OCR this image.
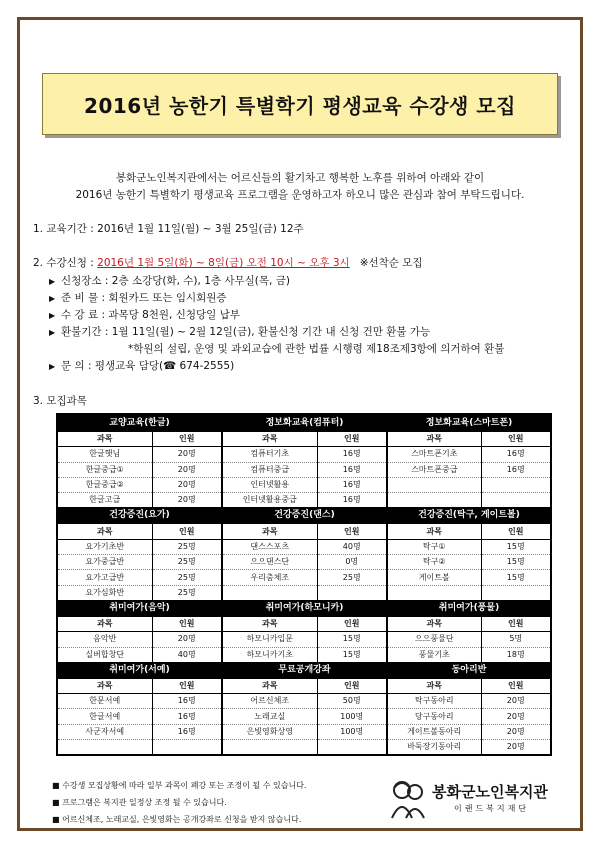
2016년 농한기 특별학기 평생교육 수강생 모집
봉화군노인복지관에서는 어르신들의 활기차고 행복한 노후를 위하여 아래와 같이
2016년 농한기 특별학기 평생교육 프로그램을 운영하고자 하오니 많은 관심과 참여 부탁드립니다.
1. 교육기간 : 2016년 1월 11일(월) ~ 3월 25일(금) 12주
2. 수강신청 : 2016년 1월 5일(화) ~ 8일(금) 오전 10시 ~ 오후 3시 ※선착순 모집
▶ 신청장소 : 2층 소강당(화, 수), 1층 사무실(목, 금)
▶ 준 비 물 : 회원카드 또는 임시회원증
▶ 수 강 료 : 과목당 8천원, 신청당일 납부
▶ 환불기간 : 1월 11일(월) ~ 2월 12일(금), 환불신청 기간 내 신청 건만 환불 가능
*학원의 설립, 운영 및 과외교습에 관한 법률 시행령 제18조제3항에 의거하여 환불
▶ 문 의 : 평생교육 담당(☎ 674-2555)
3. 모집과목
교양교육(한글)		정보화교육(컴퓨터)		정보화교육(스마트폰)	
과목	인원	과목	인원	과목	인원
한글햇님	20명	컴퓨터기초	16명	스마트폰기초	16명
한글중급①	20명	컴퓨터중급	16명	스마트폰중급	16명
한글중급②	20명	인터넷활용	16명		
한글고급	20명	인터넷활용중급	16명		
건강증진(요가)		건강증진(댄스)		건강증진(탁구, 게이트볼)	
과목	인원	과목	인원	과목	인원
요가기초반	25명	댄스스포츠	40명	탁구①	15명
요가중급반	25명	으으댄스단	0명	탁구②	15명
요가고급반	25명	우리춤체조	25명	게이트볼	15명
요가심화반	25명				
취미여가(음악)		취미여가(하모니카)		취미여가(풍물)	
과목	인원	과목	인원	과목	인원
음악반	20명	하모니카입문	15명	으으풍물단	5명
실버합창단	40명	하모니카기초	15명	풍물기초	18명
취미여가(서예)		무료공개강좌		동아리반	
과목	인원	과목	인원	과목	인원
한문서예	16명	어르신체조	50명	탁구동아리	20명
한글서예	16명	노래교실	100명	당구동아리	20명
사군자서예	16명	은빛영화상영	100명	게이트볼동아리	20명
				바둑장기동아리	20명
■ 수강생 모집상황에 따라 일부 과목이 폐강 또는 조정이 될 수 있습니다.
■ 프로그램은 복지관 일정상 조정 될 수 있습니다.
■ 어르신체조, 노래교실, 은빛영화는 공개강좌로 신청을 받지 않습니다.
봉화군노인복지관
이랜드복지재단
